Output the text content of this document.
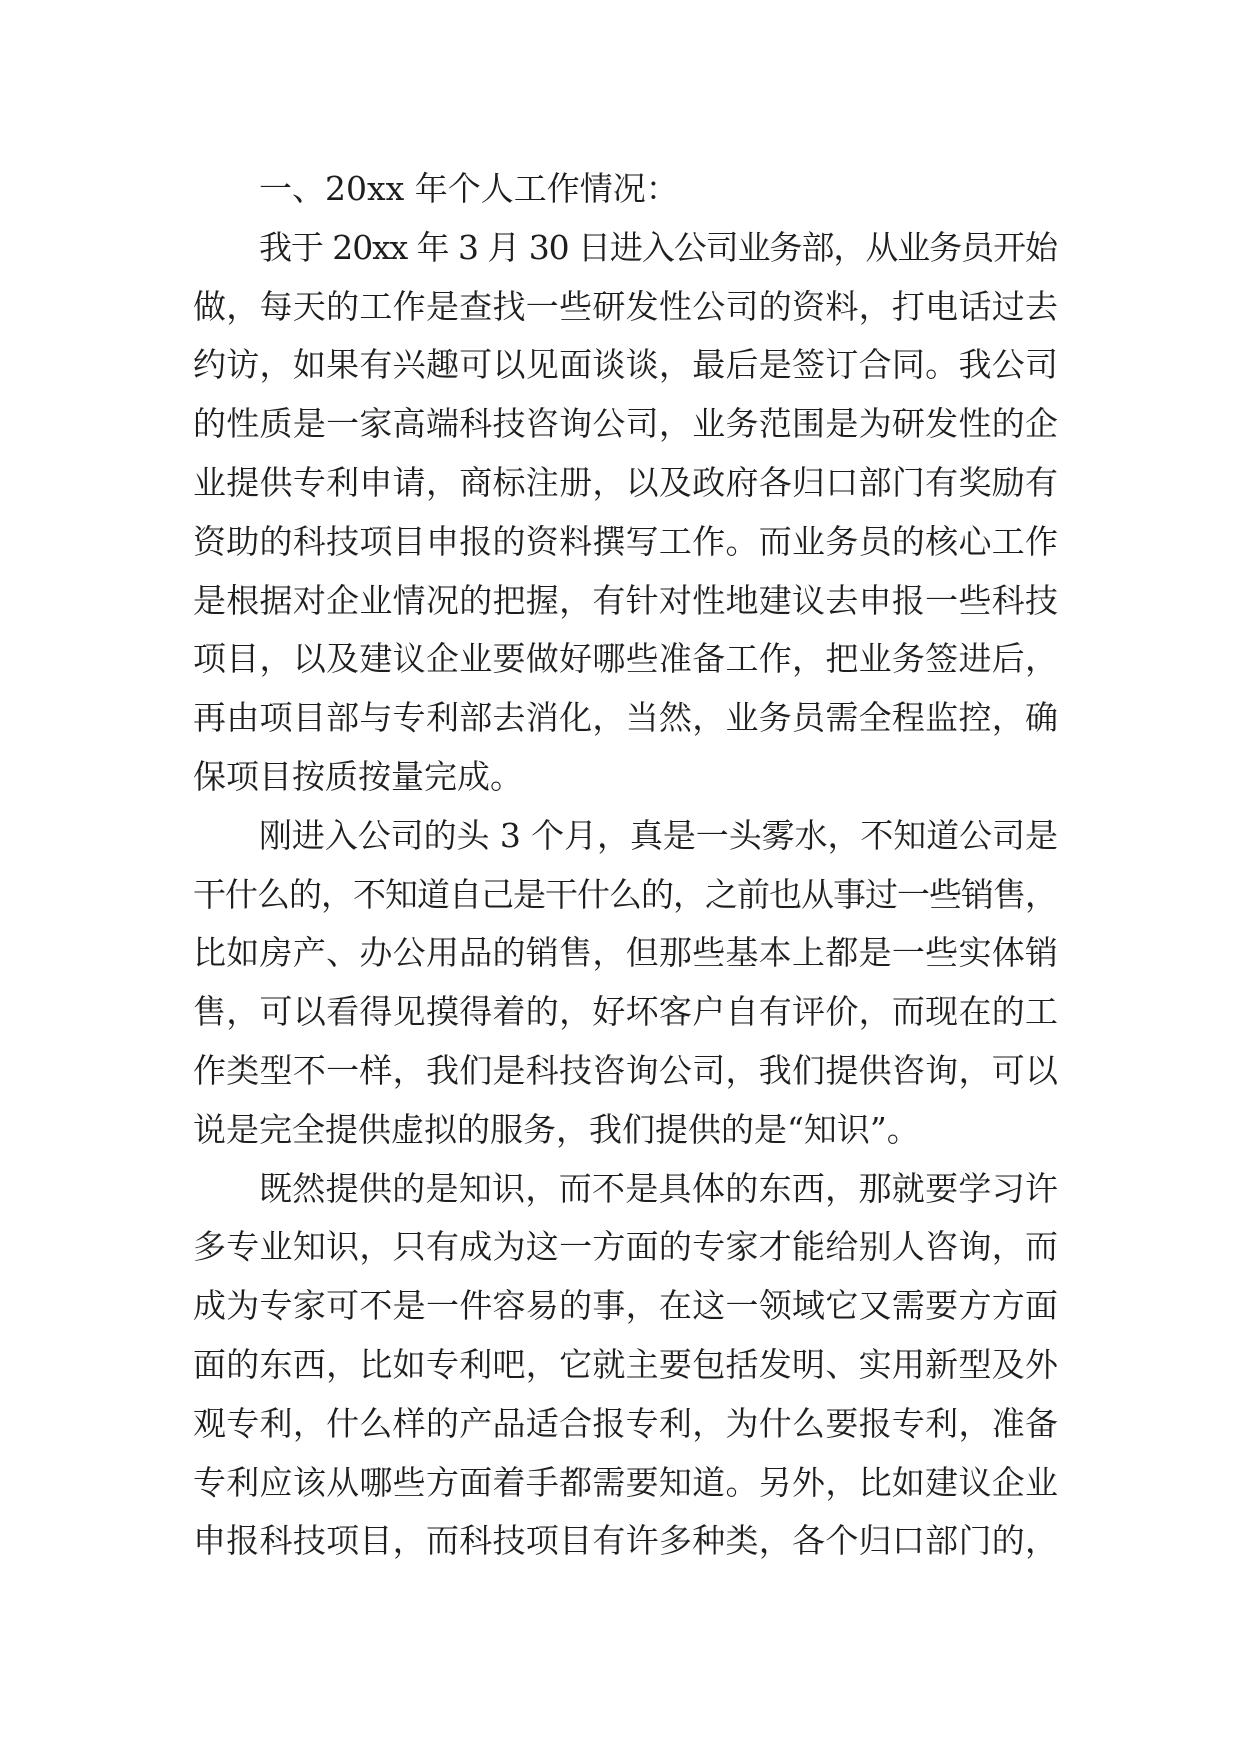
一、20xx 年个人工作情况：
我于 20xx 年 3 月 30 日进入公司业务部，从业务员开始
做，每天的工作是查找一些研发性公司的资料，打电话过去
约访，如果有兴趣可以见面谈谈，最后是签订合同。我公司
的性质是一家高端科技咨询公司，业务范围是为研发性的企
业提供专利申请，商标注册，以及政府各归口部门有奖励有
资助的科技项目申报的资料撰写工作。而业务员的核心工作
是根据对企业情况的把握，有针对性地建议去申报一些科技
项目，以及建议企业要做好哪些准备工作，把业务签进后，
再由项目部与专利部去消化，当然，业务员需全程监控，确
保项目按质按量完成。
刚进入公司的头 3 个月，真是一头雾水，不知道公司是
干什么的，不知道自己是干什么的，之前也从事过一些销售，
比如房产、办公用品的销售，但那些基本上都是一些实体销
售，可以看得见摸得着的，好坏客户自有评价，而现在的工
作类型不一样，我们是科技咨询公司，我们提供咨询，可以
说是完全提供虚拟的服务，我们提供的是“知识”。
既然提供的是知识，而不是具体的东西，那就要学习许
多专业知识，只有成为这一方面的专家才能给别人咨询，而
成为专家可不是一件容易的事，在这一领域它又需要方方面
面的东西，比如专利吧，它就主要包括发明、实用新型及外
观专利，什么样的产品适合报专利，为什么要报专利，准备
专利应该从哪些方面着手都需要知道。另外，比如建议企业
申报科技项目，而科技项目有许多种类，各个归口部门的，
